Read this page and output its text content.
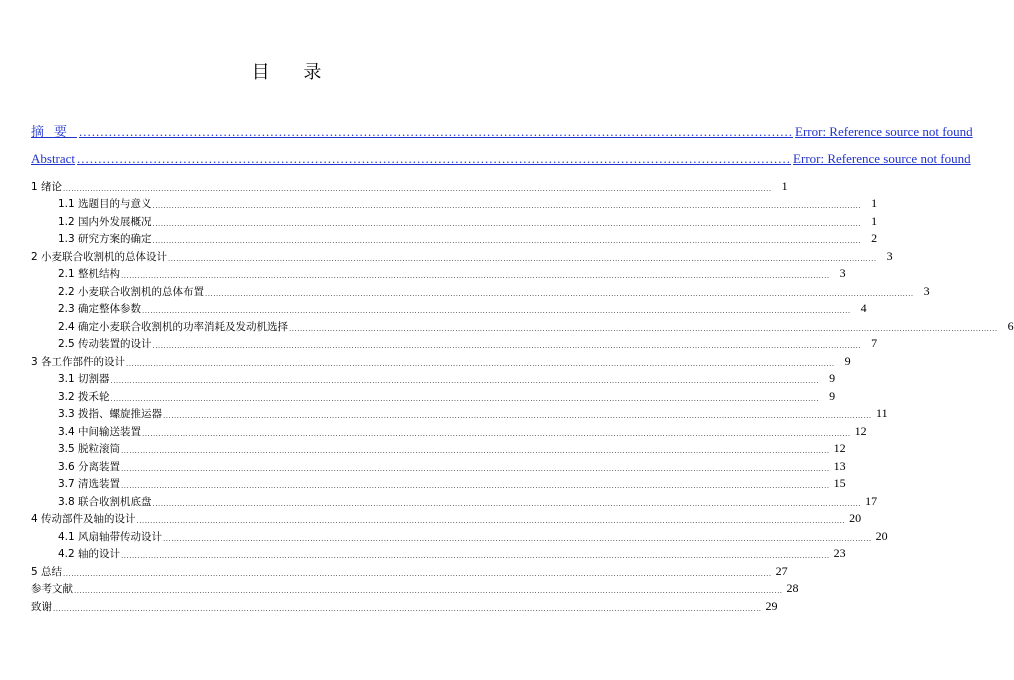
目 录
摘要 ........................................................................................................................................................................ Error: Reference source not found
Abstract ........................................................................................................................................................................ Error: Reference source not found
1 绪论 .................................................................................................................................................................................................................................................................... 1
1.1 选题目的与意义 .................................................................................................................................................................................................................................................................... 1
1.2 国内外发展概况 .................................................................................................................................................................................................................................................................... 1
1.3 研究方案的确定 .................................................................................................................................................................................................................................................................... 2
2 小麦联合收割机的总体设计 .................................................................................................................................................................................................................................................................... 3
2.1 整机结构 .................................................................................................................................................................................................................................................................... 3
2.2 小麦联合收割机的总体布置 .................................................................................................................................................................................................................................................................... 3
2.3 确定整体参数 .................................................................................................................................................................................................................................................................... 4
2.4 确定小麦联合收割机的功率消耗及发动机选择 .................................................................................................................................................................................................................................................................... 6
2.5 传动装置的设计 .................................................................................................................................................................................................................................................................... 7
3 各工作部件的设计 .................................................................................................................................................................................................................................................................... 9
3.1 切割器 .................................................................................................................................................................................................................................................................... 9
3.2 拨禾轮 .................................................................................................................................................................................................................................................................... 9
3.3 拨指、螺旋推运器 .................................................................................................................................................................................................................................................................... 11
3.4 中间输送装置 .................................................................................................................................................................................................................................................................... 12
3.5 脱粒滚筒 .................................................................................................................................................................................................................................................................... 12
3.6 分离装置 .................................................................................................................................................................................................................................................................... 13
3.7 清选装置 .................................................................................................................................................................................................................................................................... 15
3.8 联合收割机底盘 .................................................................................................................................................................................................................................................................... 17
4 传动部件及轴的设计 .................................................................................................................................................................................................................................................................... 20
4.1 风扇轴带传动设计 .................................................................................................................................................................................................................................................................... 20
4.2 轴的设计 .................................................................................................................................................................................................................................................................... 23
5 总结 .................................................................................................................................................................................................................................................................... 27
参考文献 .................................................................................................................................................................................................................................................................... 28
致谢 .................................................................................................................................................................................................................................................................... 29
